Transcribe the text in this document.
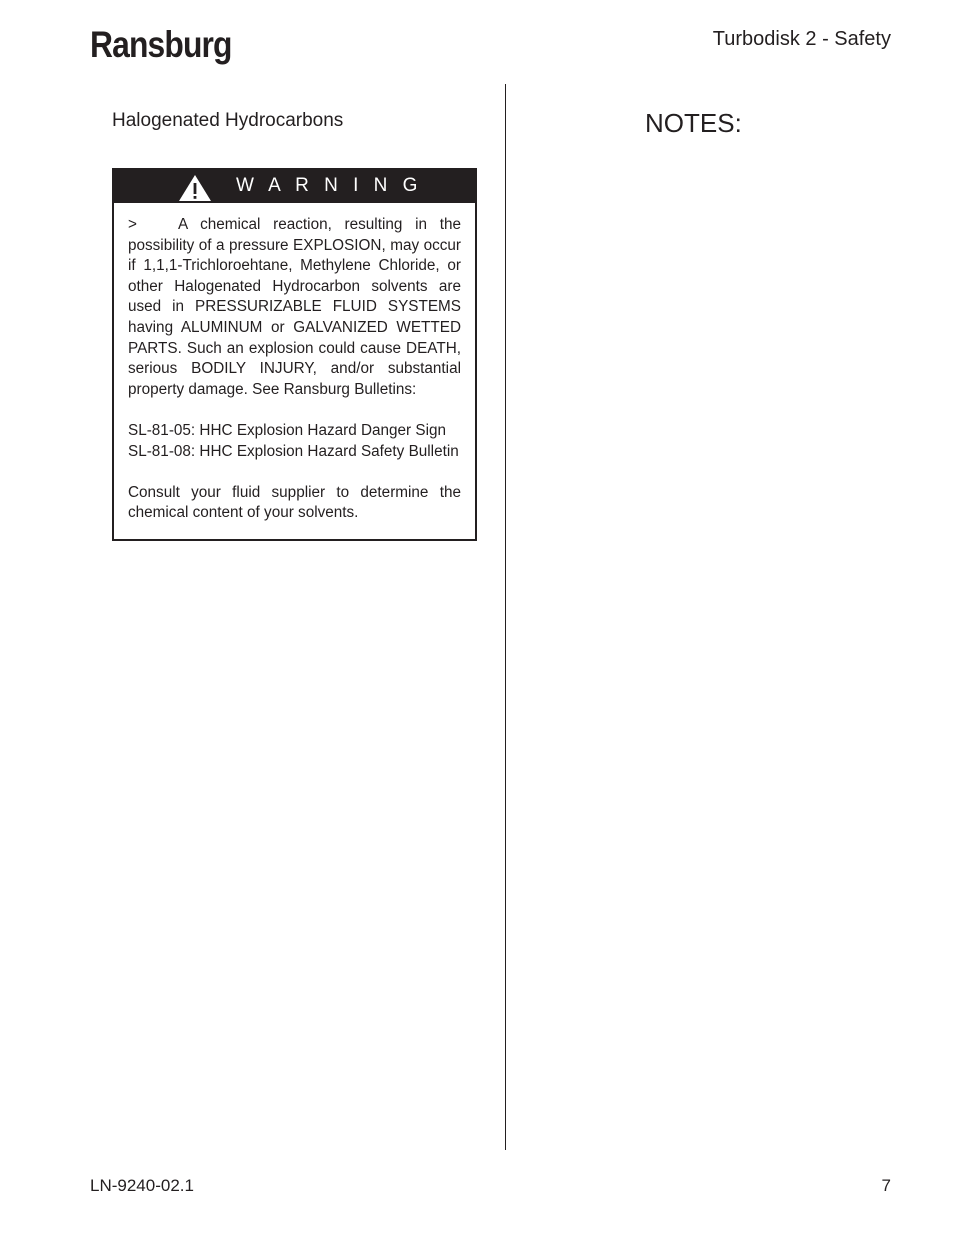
Ransburg	Turbodisk 2 - Safety
Halogenated Hydrocarbons
W A R N I N G

>	A chemical reaction, resulting in the possibility of a pressure EXPLOSION, may occur if 1,1,1-Trichloroehtane, Methylene Chloride, or other Halogenated Hydrocarbon solvents are used in PRESSURIZABLE FLUID SYSTEMS having ALUMINUM or GALVANIZED WETTED PARTS. Such an explosion could cause DEATH, serious BODILY INJURY, and/or substantial property damage. See Ransburg Bulletins:

SL-81-05: HHC Explosion Hazard Danger Sign

SL-81-08: HHC Explosion Hazard Safety Bulletin

Consult your fluid supplier to determine the chemical content of your solvents.

NOTES:
LN-9240-02.1	7
